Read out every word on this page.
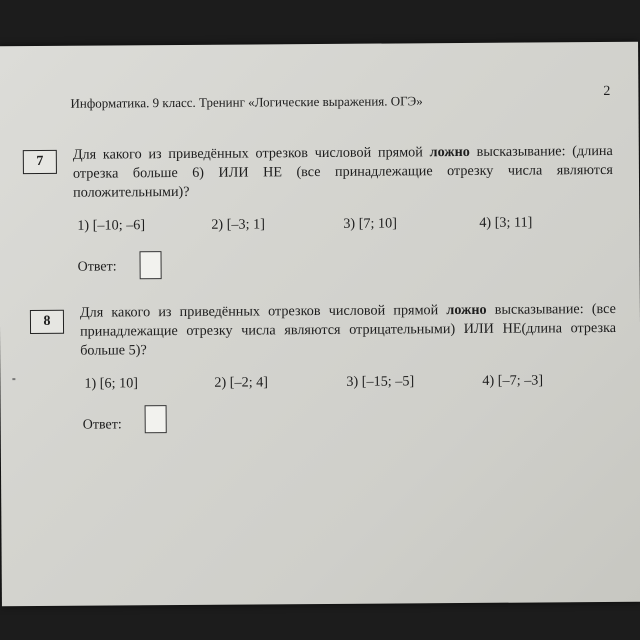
Информатика. 9 класс. Тренинг «Логические выражения. ОГЭ»
2
7	Для какого из приведённых отрезков числовой прямой ложно высказывание: (длина отрезка больше 6) ИЛИ НЕ (все принадлежащие отрезку числа являются положительными)?
1) [–10; –6]	2) [–3; 1]	3) [7; 10]	4) [3; 11]
Ответ:
8
Для какого из приведённых отрезков числовой прямой ложно высказывание: (все принадлежащие отрезку числа являются отрицательными) ИЛИ НЕ(длина отрезка больше 5)?
1) [6; 10]	2) [–2; 4]	3) [–15; –5]	4) [–7; –3]
Ответ:
